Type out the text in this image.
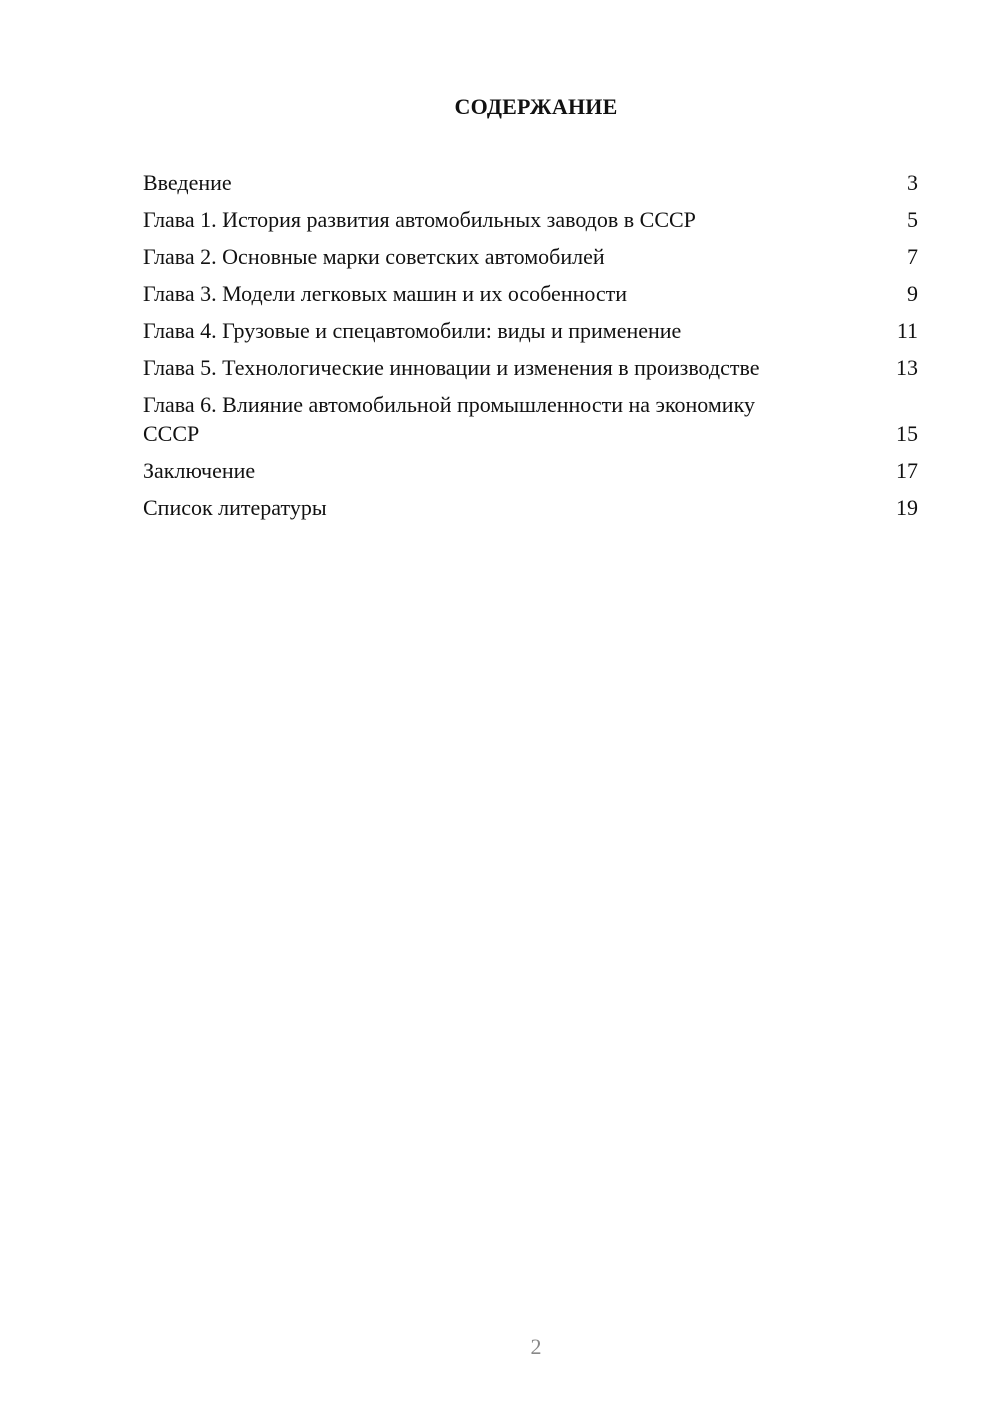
СОДЕРЖАНИЕ
Введение	3
Глава 1. История развития автомобильных заводов в СССР	5
Глава 2. Основные марки советских автомобилей	7
Глава 3. Модели легковых машин и их особенности	9
Глава 4. Грузовые и спецавтомобили: виды и применение	11
Глава 5. Технологические инновации и изменения в производстве	13
Глава 6. Влияние автомобильной промышленности на экономику СССР	15
Заключение	17
Список литературы	19
2
